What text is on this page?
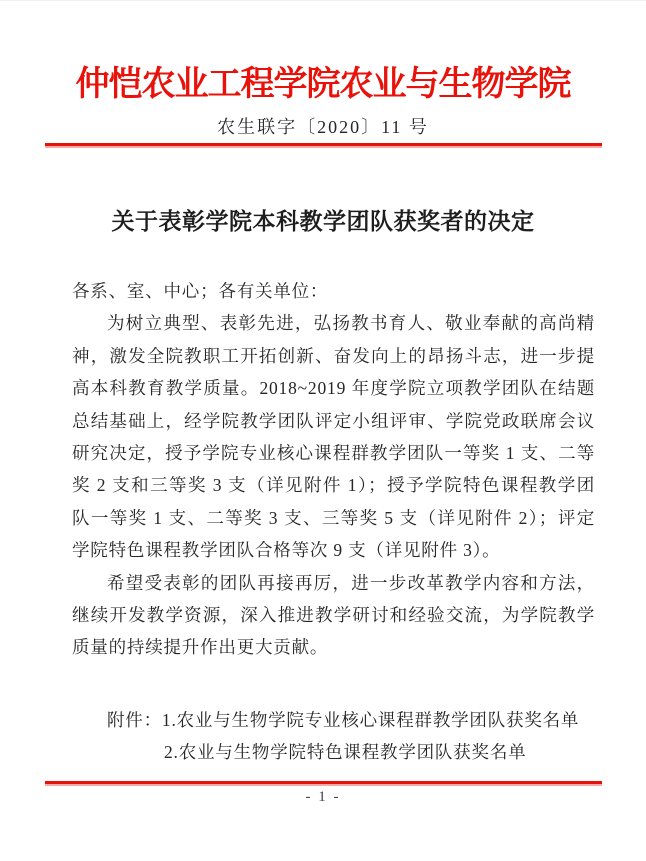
仲恺农业工程学院农业与生物学院
农生联字〔2020〕11 号
关于表彰学院本科教学团队获奖者的决定
各系、室、中心；各有关单位：
为树立典型、表彰先进，弘扬教书育人、敬业奉献的高尚精
神，激发全院教职工开拓创新、奋发向上的昂扬斗志，进一步提
高本科教育教学质量。2018~2019 年度学院立项教学团队在结题
总结基础上，经学院教学团队评定小组评审、学院党政联席会议
研究决定，授予学院专业核心课程群教学团队一等奖 1 支、二等
奖 2 支和三等奖 3 支（详见附件 1）；授予学院特色课程教学团
队一等奖 1 支、二等奖 3 支、三等奖 5 支（详见附件 2）；评定
学院特色课程教学团队合格等次 9 支（详见附件 3）。
希望受表彰的团队再接再厉，进一步改革教学内容和方法，
继续开发教学资源，深入推进教学研讨和经验交流，为学院教学
质量的持续提升作出更大贡献。
附件：1.农业与生物学院专业核心课程群教学团队获奖名单
2.农业与生物学院特色课程教学团队获奖名单
- 1 -
